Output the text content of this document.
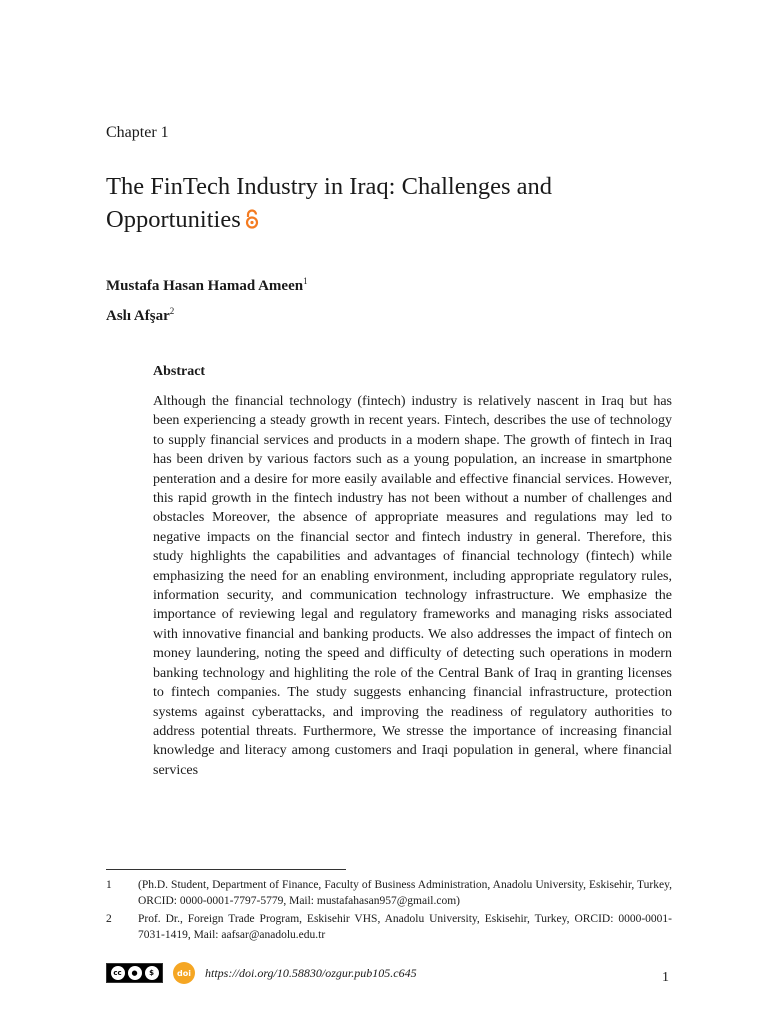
Chapter 1
The FinTech Industry in Iraq: Challenges and Opportunities
Mustafa Hasan Hamad Ameen$^1$
Aslı Afşar$^2$
Abstract

Although the financial technology (fintech) industry is relatively nascent in Iraq but has been experiencing a steady growth in recent years. Fintech, describes the use of technology to supply financial services and products in a modern shape. The growth of fintech in Iraq has been driven by various factors such as a young population, an increase in smartphone penteration and a desire for more easily available and effective financial services. However, this rapid growth in the fintech industry has not been without a number of challenges and obstacles Moreover, the absence of appropriate measures and regulations may led to negative impacts on the financial sector and fintech industry in general. Therefore, this study highlights the capabilities and advantages of financial technology (fintech) while emphasizing the need for an enabling environment, including appropriate regulatory rules, information security, and communication technology infrastructure. We emphasize the importance of reviewing legal and regulatory frameworks and managing risks associated with innovative financial and banking products. We also addresses the impact of fintech on money laundering, noting the speed and difficulty of detecting such operations in modern banking technology and highliting the role of the Central Bank of Iraq in granting licenses to fintech companies. The study suggests enhancing financial infrastructure, protection systems against cyberattacks, and improving the readiness of regulatory authorities to address potential threats. Furthermore, We stresse the importance of increasing financial knowledge and literacy among customers and Iraqi population in general, where financial services

1 (Ph.D. Student, Department of Finance, Faculty of Business Administration, Anadolu University, Eskisehir, Turkey, ORCID: 0000-0001-7797-5779, Mail: mustafahasan957@gmail.com)
2 Prof. Dr., Foreign Trade Program, Eskisehir VHS, Anadolu University, Eskisehir, Turkey, ORCID: 0000-0001-7031-1419, Mail: aafsar@anadolu.edu.tr
cc	●	$	doi	https://doi.org/10.58830/ozgur.pub105.c645	1
